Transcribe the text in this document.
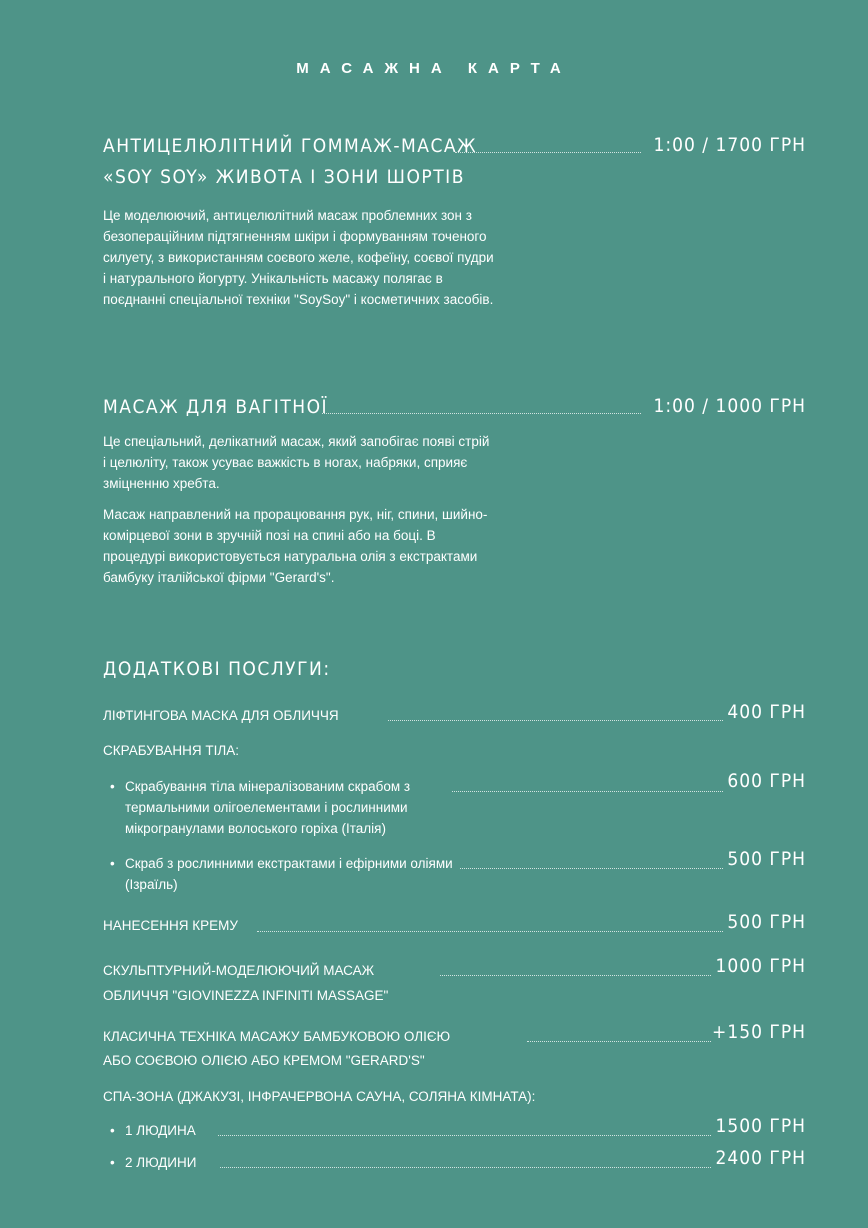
МАСАЖНА КАРТА
АНТИЦЕЛЮЛІТНИЙ ГОММАЖ-МАСАЖ	1:00 / 1700 ГРН
«SOY SOY» ЖИВОТА І ЗОНИ ШОРТІВ

Це моделюючий, антицелюлітний масаж проблемних зон з безопераційним підтягненням шкіри і формуванням точеного силуету, з використанням соєвого желе, кофеїну, соєвої пудри і натурального йогурту. Унікальність масажу полягає в поєднанні спеціальної техніки "SoySoy" і косметичних засобів.

МАСАЖ ДЛЯ ВАГІТНОЇ	1:00 / 1000 ГРН

Це спеціальний, делікатний масаж, який запобігає появі стрій і целюліту, також усуває важкість в ногах, набряки, сприяє зміцненню хребта.

Масаж направлений на прорацювання рук, ніг, спини, шийно-комірцевої зони в зручній позі на спині або на боці. В процедурі використовується натуральна олія з екстрактами бамбуку італійської фірми "Gerard's".

ДОДАТКОВІ ПОСЛУГИ:
ЛІФТИНГОВА МАСКА ДЛЯ ОБЛИЧЧЯ	400 ГРН
СКРАБУВАННЯ ТІЛА:
• Скрабування тіла мінералізованим скрабом з термальними олігоелементами і рослинними мікрогранулами волоського горіха (Італія)
600 ГРН
• Скраб з рослинними екстрактами і ефірними оліями (Ізраїль)
500 ГРН
НАНЕСЕННЯ КРЕМУ	500 ГРН
СКУЛЬПТУРНИЙ-МОДЕЛЮЮЧИЙ МАСАЖ	1000 ГРН
ОБЛИЧЧЯ "GIOVINEZZA INFINITI MASSAGE"
КЛАСИЧНА ТЕХНІКА МАСАЖУ БАМБУКОВОЮ ОЛІЄЮ	+150 ГРН
АБО СОЄВОЮ ОЛІЄЮ АБО КРЕМОМ "GERARD'S"
СПА-ЗОНА (ДЖАКУЗІ, ІНФРАЧЕРВОНА САУНА, СОЛЯНА КІМНАТА):
• 1 ЛЮДИНА	1500 ГРН
• 2 ЛЮДИНИ	2400 ГРН
